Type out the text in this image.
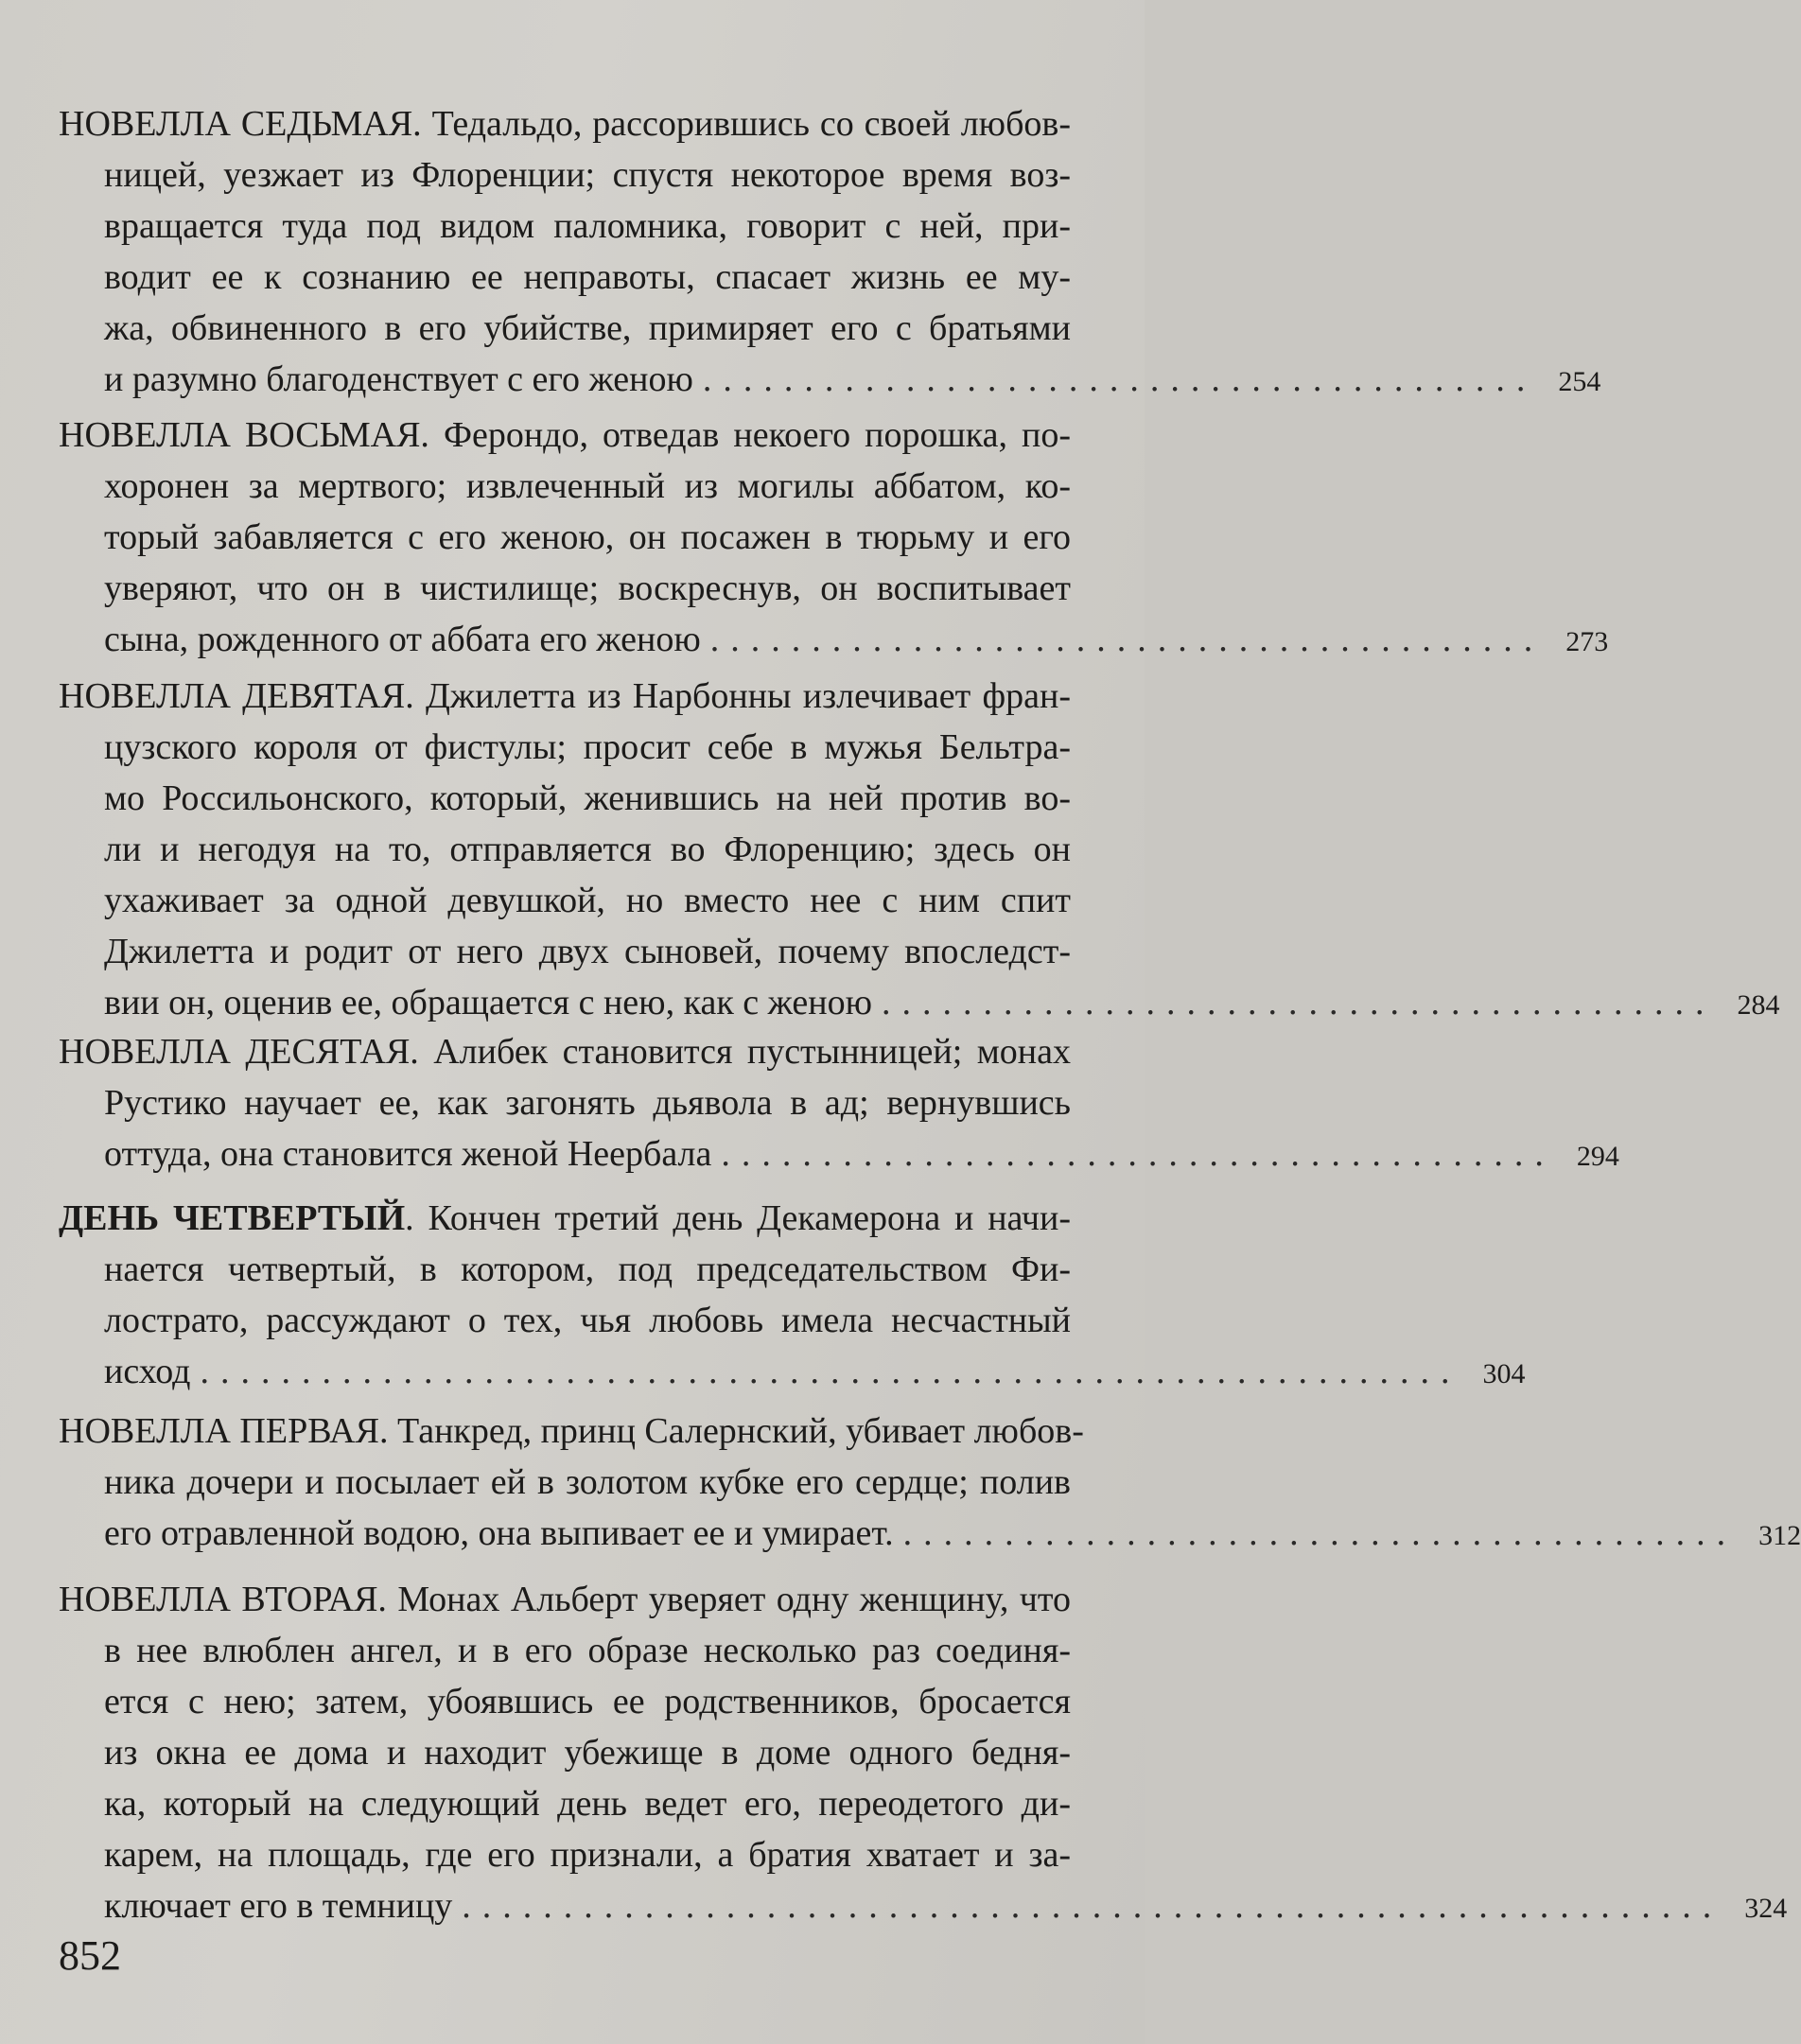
НОВЕЛЛА СЕДЬМАЯ. Тедальдо, рассорившись со своей любов-
ницей, уезжает из Флоренции; спустя некоторое время воз-
вращается туда под видом паломника, говорит с ней, при-
водит ее к сознанию ее неправоты, спасает жизнь ее му-
жа, обвиненного в его убийстве, примиряет его с братьями
и разумно благоденствует с его женою ......................................... 254
НОВЕЛЛА ВОСЬМАЯ. Ферондо, отведав некоего порошка, по-
хоронен за мертвого; извлеченный из могилы аббатом, ко-
торый забавляется с его женою, он посажен в тюрьму и его
уверяют, что он в чистилище; воскреснув, он воспитывает
сына, рожденного от аббата его женою ......................................... 273
НОВЕЛЛА ДЕВЯТАЯ. Джилетта из Нарбонны излечивает фран-
цузского короля от фистулы; просит себе в мужья Бельтра-
мо Россильонского, который, женившись на ней против во-
ли и негодуя на то, отправляется во Флоренцию; здесь он
ухаживает за одной девушкой, но вместо нее с ним спит
Джилетта и родит от него двух сыновей, почему впоследст-
вии он, оценив ее, обращается с нею, как с женою ......................................... 284
НОВЕЛЛА ДЕСЯТАЯ. Алибек становится пустынницей; монах
Рустико научает ее, как загонять дьявола в ад; вернувшись
оттуда, она становится женой Неербала ......................................... 294
ДЕНЬ ЧЕТВЕРТЫЙ. Кончен третий день Декамерона и начи-
нается четвертый, в котором, под председательством Фи-
лострато, рассуждают о тех, чья любовь имела несчастный
исход .............................................................. 304
НОВЕЛЛА ПЕРВАЯ. Танкред, принц Салернский, убивает любов-
ника дочери и посылает ей в золотом кубке его сердце; полив
его отравленной водою, она выпивает ее и умирает. ......................................... 312
НОВЕЛЛА ВТОРАЯ. Монах Альберт уверяет одну женщину, что
в нее влюблен ангел, и в его образе несколько раз соединя-
ется с нею; затем, убоявшись ее родственников, бросается
из окна ее дома и находит убежище в доме одного бедня-
ка, который на следующий день ведет его, переодетого ди-
карем, на площадь, где его признали, а братия хватает и за-
ключает его в темницу .............................................................. 324
852
